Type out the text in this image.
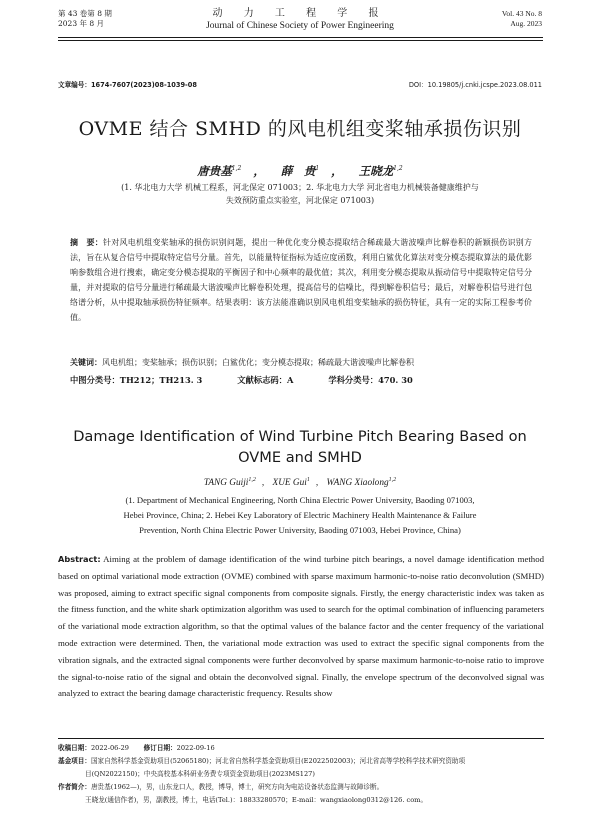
第 43 卷第 8 期
2023 年 8 月
动 力 工 程 学 报
Journal of Chinese Society of Power Engineering
Vol. 43 No. 8
Aug. 2023
文章编号：1674-7607(2023)08-1039-08	DOI：10.19805/j.cnki.jcspe.2023.08.011
OVME 结合 SMHD 的风电机组变桨轴承损伤识别
唐贵基$^{1,2}$ ， 薛　贵$^1$ ， 王晓龙$^{1,2}$
(1. 华北电力大学 机械工程系，河北保定 071003；2. 华北电力大学 河北省电力机械装备健康维护与
失效预防重点实验室，河北保定 071003)
摘　要：针对风电机组变桨轴承的损伤识别问题，提出一种优化变分模态提取结合稀疏最大谐波噪声比解卷积的新颖损伤识别方法，旨在从复合信号中提取特定信号分量。首先，以能量特征指标为适应度函数，利用白鲨优化算法对变分模态提取算法的最优影响参数组合进行搜索，确定变分模态提取的平衡因子和中心频率的最优值；其次，利用变分模态提取从振动信号中提取特定信号分量，并对提取的信号分量进行稀疏最大谐波噪声比解卷积处理，提高信号的信噪比，得到解卷积信号；最后，对解卷积信号进行包络谱分析，从中提取轴承损伤特征频率。结果表明：该方法能准确识别风电机组变桨轴承的损伤特征，具有一定的实际工程参考价值。
关键词：风电机组；变桨轴承；损伤识别；白鲨优化；变分模态提取；稀疏最大谐波噪声比解卷积
中图分类号：TH212；TH213. 3	文献标志码：A	学科分类号：470. 30
Damage Identification of Wind Turbine Pitch Bearing Based on OVME and SMHD
TANG Guiji$^{1,2}$ , XUE Gui$^1$ , WANG Xiaolong$^{1,2}$
(1. Department of Mechanical Engineering, North China Electric Power University, Baoding 071003,
Hebei Province, China; 2. Hebei Key Laboratory of Electric Machinery Health Maintenance & Failure
Prevention, North China Electric Power University, Baoding 071003, Hebei Province, China)
Abstract: Aiming at the problem of damage identification of the wind turbine pitch bearings, a novel damage identification method based on optimal variational mode extraction (OVME) combined with sparse maximum harmonic-to-noise ratio deconvolution (SMHD) was proposed, aiming to extract specific signal components from composite signals. Firstly, the energy characteristic index was taken as the fitness function, and the white shark optimization algorithm was used to search for the optimal combination of influencing parameters of the variational mode extraction algorithm, so that the optimal values of the balance factor and the center frequency of the variational mode extraction were determined. Then, the variational mode extraction was used to extract the specific signal components from the vibration signals, and the extracted signal components were further deconvolved by sparse maximum harmonic-to-noise ratio to improve the signal-to-noise ratio of the signal and obtain the deconvolved signal. Finally, the envelope spectrum of the deconvolved signal was analyzed to extract the bearing damage characteristic frequency. Results show
收稿日期：2022-06-29 修订日期：2022-09-16
基金项目：国家自然科学基金资助项目(52065180)；河北省自然科学基金资助项目(E2022502003)；河北省高等学校科学技术研究资助项
目(QN2022150)；中央高校基本科研业务费专项资金资助项目(2023MS127)
作者简介：唐贵基(1962—)，男，山东龙口人，教授，博导，博士，研究方向为电站设备状态监测与故障诊断。
王晓龙(通信作者)，男，副教授，博士，电话(Tel.)：18833280570；E-mail：wangxiaolong0312@126. com。
